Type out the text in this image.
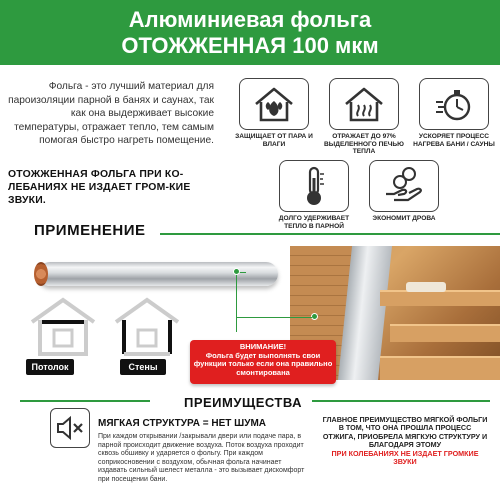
Алюминиевая фольга
ОТОЖЖЕННАЯ 100 мкм
Фольга - это лучший материал для пароизоляции парной в банях и саунах, так как она выдерживает высокие температуры, отражает тепло, тем самым помогая быстро нагреть помещение.
ОТОЖЖЕННАЯ ФОЛЬГА ПРИ КО-ЛЕБАНИЯХ НЕ ИЗДАЕТ ГРОМ-КИЕ ЗВУКИ.
ЗАЩИЩАЕТ ОТ ПАРА И ВЛАГИ
ОТРАЖАЕТ ДО 97% ВЫДЕЛЕННОГО ПЕЧЬЮ ТЕПЛА
УСКОРЯЕТ ПРОЦЕСС НАГРЕВА БАНИ / САУНЫ
ДОЛГО УДЕРЖИВАЕТ ТЕПЛО В ПАРНОЙ
ЭКОНОМИТ ДРОВА
ПРИМЕНЕНИЕ
Потолок	Стены
ВНИМАНИЕ!
Фольга будет выполнять свои функции только если она правильно смонтирована
ПРЕИМУЩЕСТВА
МЯГКАЯ СТРУКТУРА = НЕТ ШУМА
При каждом открывании /закрывали двери или подаче пара, в парной происходит движение воздуха. Поток воздуха проходит сквозь обшивку и ударяется о фольгу. При каждом соприкосновении с воздухом, обычная фольга начинает издавать сильный шелест металла - это вызывает дискомфорт при посещении бани.
ГЛАВНОЕ ПРЕИМУЩЕСТВО МЯГКОЙ ФОЛЬГИ В ТОМ, ЧТО ОНА ПРОШЛА ПРОЦЕСС ОТЖИГА, ПРИОБРЕЛА МЯГКУЮ СТРУКТУРУ И БЛАГОДАРЯ ЭТОМУ
ПРИ КОЛЕБАНИЯХ НЕ ИЗДАЕТ ГРОМКИЕ ЗВУКИ
